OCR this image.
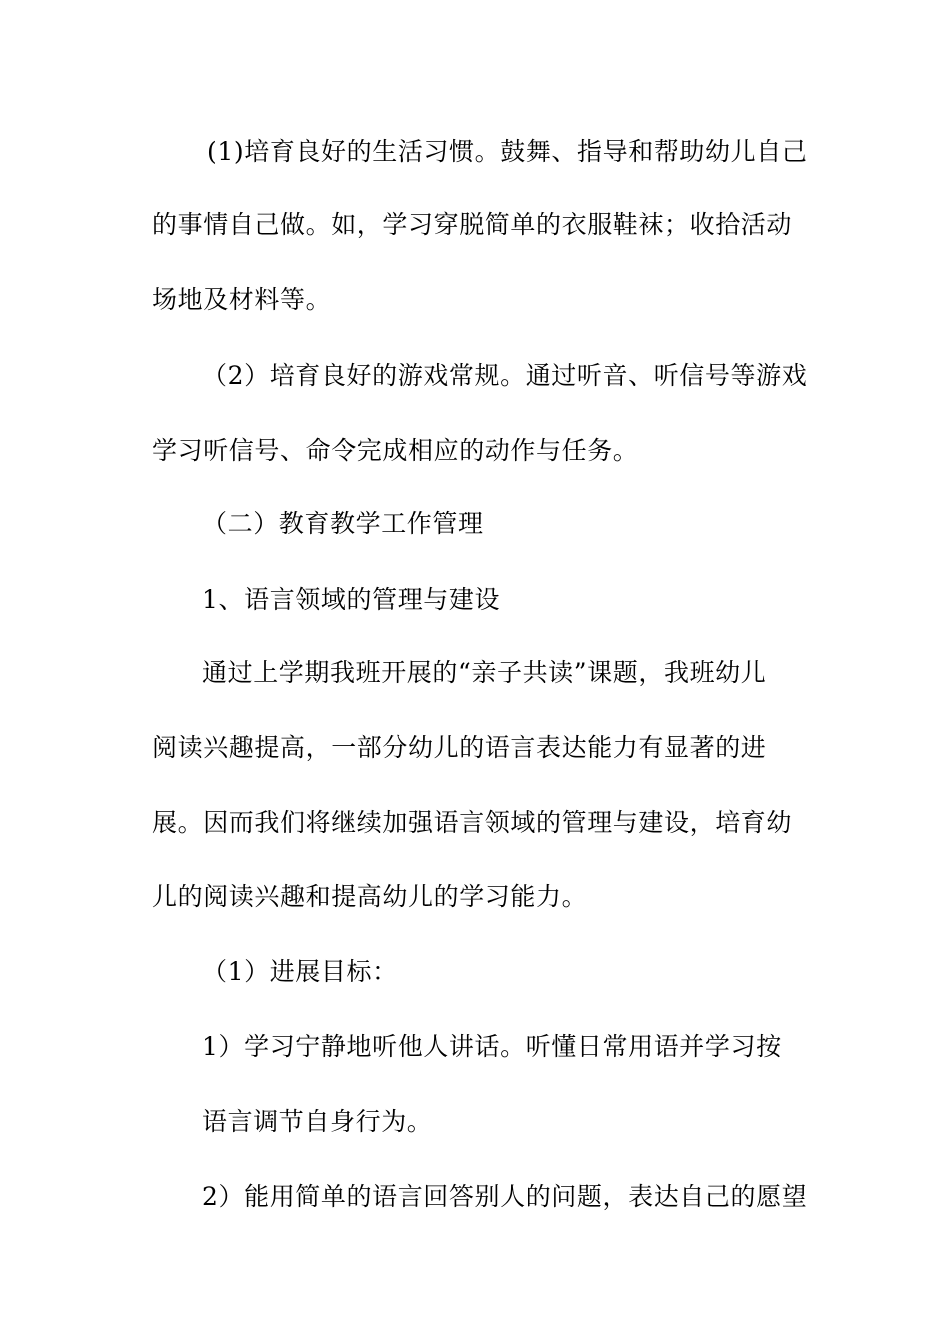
(1)培育良好的生活习惯。鼓舞、指导和帮助幼儿自己
的事情自己做。如，学习穿脱简单的衣服鞋袜；收拾活动
场地及材料等。
（2）培育良好的游戏常规。通过听音、听信号等游戏
学习听信号、命令完成相应的动作与任务。
（二）教育教学工作管理
1、语言领域的管理与建设
通过上学期我班开展的“亲子共读”课题，我班幼儿
阅读兴趣提高，一部分幼儿的语言表达能力有显著的进
展。因而我们将继续加强语言领域的管理与建设，培育幼
儿的阅读兴趣和提高幼儿的学习能力。
（1）进展目标：
1）学习宁静地听他人讲话。听懂日常用语并学习按
语言调节自身行为。
2）能用简单的语言回答别人的问题，表达自己的愿望
